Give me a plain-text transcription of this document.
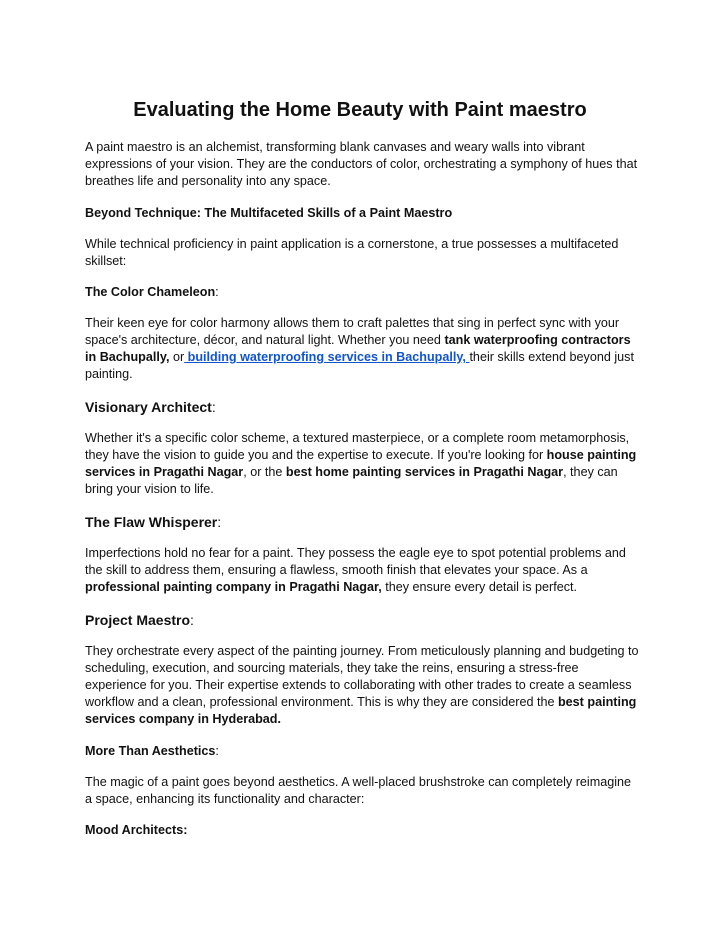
Evaluating the Home Beauty with Paint maestro

A paint maestro is an alchemist, transforming blank canvases and weary walls into vibrant expressions of your vision. They are the conductors of color, orchestrating a symphony of hues that breathes life and personality into any space.

Beyond Technique: The Multifaceted Skills of a Paint Maestro

While technical proficiency in paint application is a cornerstone, a true possesses a multifaceted skillset:

The Color Chameleon:

Their keen eye for color harmony allows them to craft palettes that sing in perfect sync with your space's architecture, décor, and natural light. Whether you need tank waterproofing contractors in Bachupally, or building waterproofing services in Bachupally, their skills extend beyond just painting.

Visionary Architect:

Whether it's a specific color scheme, a textured masterpiece, or a complete room metamorphosis, they have the vision to guide you and the expertise to execute. If you're looking for house painting services in Pragathi Nagar, or the best home painting services in Pragathi Nagar, they can bring your vision to life.

The Flaw Whisperer:

Imperfections hold no fear for a paint. They possess the eagle eye to spot potential problems and the skill to address them, ensuring a flawless, smooth finish that elevates your space. As a professional painting company in Pragathi Nagar, they ensure every detail is perfect.

Project Maestro:

They orchestrate every aspect of the painting journey. From meticulously planning and budgeting to scheduling, execution, and sourcing materials, they take the reins, ensuring a stress-free experience for you. Their expertise extends to collaborating with other trades to create a seamless workflow and a clean, professional environment. This is why they are considered the best painting services company in Hyderabad.

More Than Aesthetics:

The magic of a paint goes beyond aesthetics. A well-placed brushstroke can completely reimagine a space, enhancing its functionality and character:

Mood Architects:
